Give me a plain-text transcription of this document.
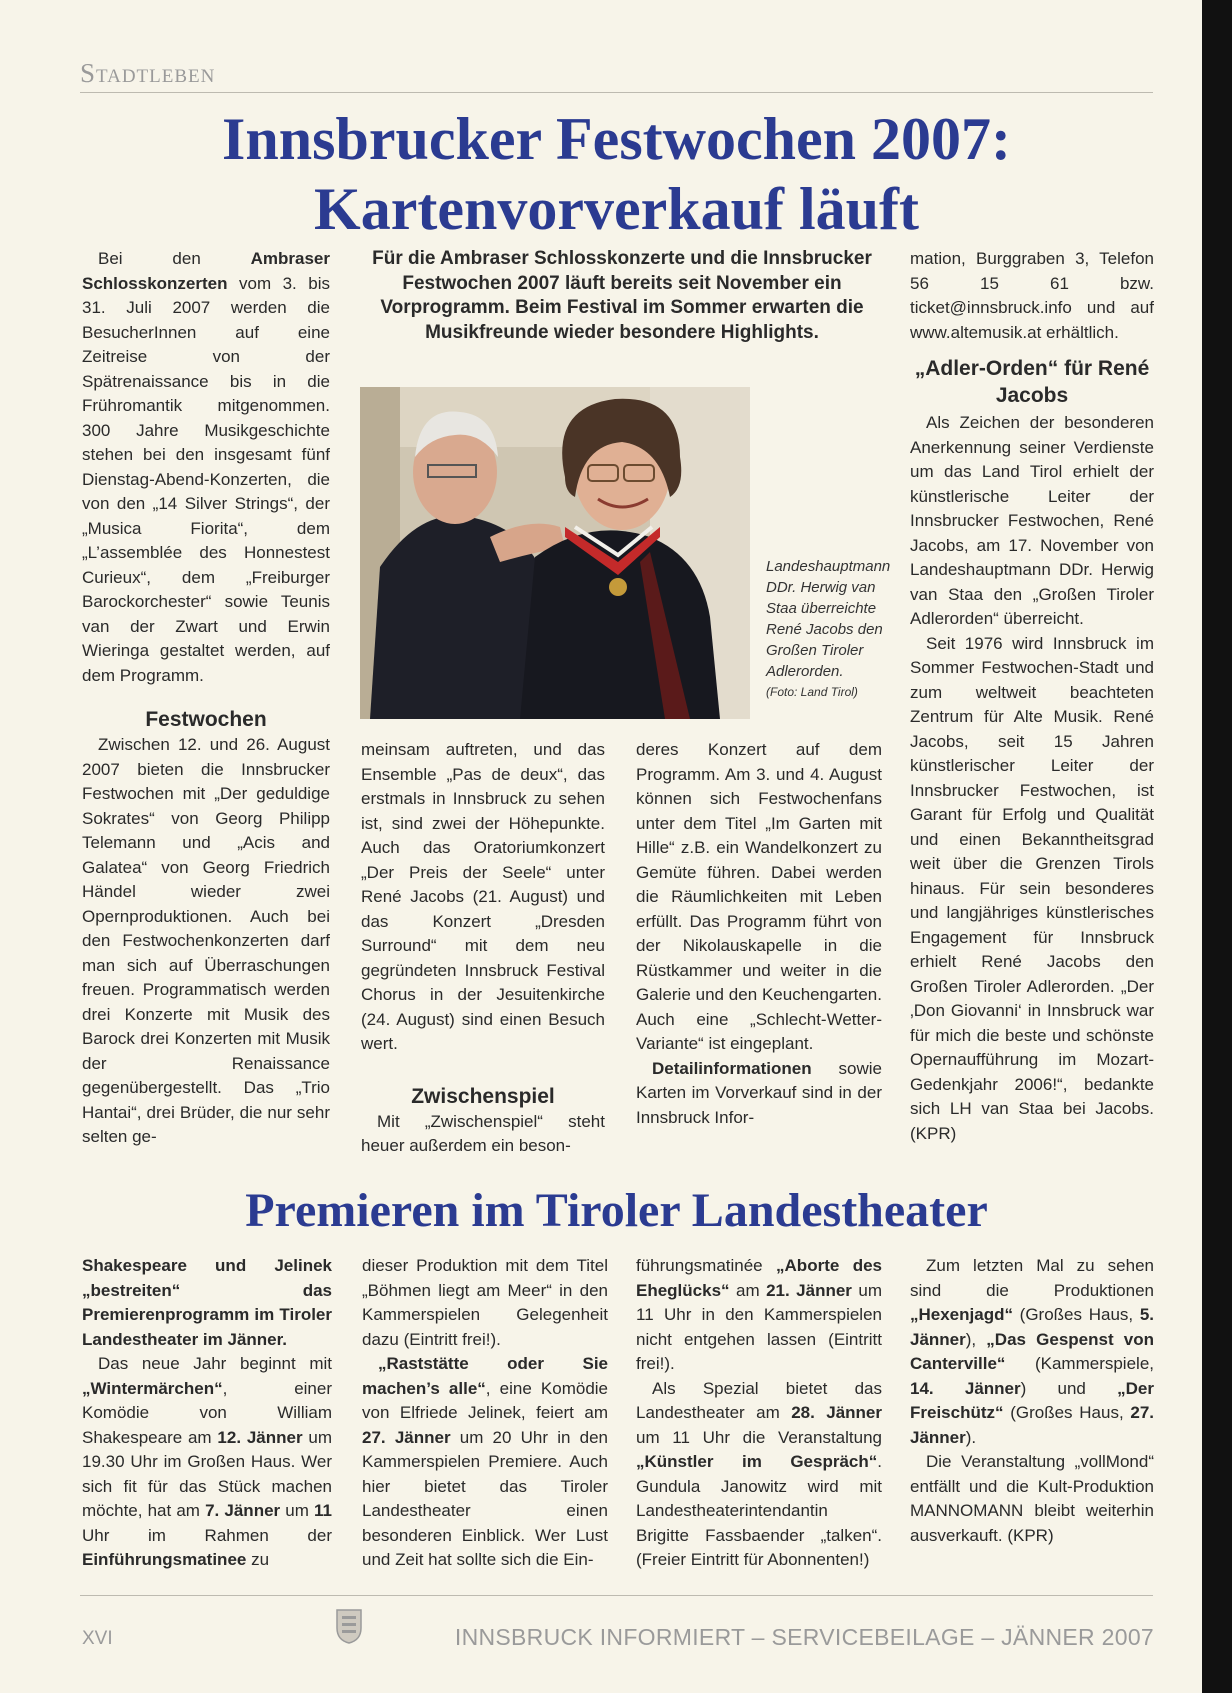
Stadtleben
Innsbrucker Festwochen 2007:
Kartenvorverkauf läuft

Bei den Ambraser Schlosskonzerten vom 3. bis 31. Juli 2007 werden die BesucherInnen auf eine Zeitreise von der Spätrenaissance bis in die Frühromantik mitgenommen. 300 Jahre Musikgeschichte stehen bei den insgesamt fünf Dienstag-Abend-Konzerten, die von den „14 Silver Strings“, der „Musica Fiorita“, dem „L’assemblée des Honnestest Curieux“, dem „Freiburger Barockorchester“ sowie Teunis van der Zwart und Erwin Wieringa gestaltet werden, auf dem Programm.

Festwochen

Zwischen 12. und 26. August 2007 bieten die Innsbrucker Festwochen mit „Der geduldige Sokrates“ von Georg Philipp Telemann und „Acis and Galatea“ von Georg Friedrich Händel wieder zwei Opernproduktionen. Auch bei den Festwochenkonzerten darf man sich auf Überraschungen freuen. Programmatisch werden drei Konzerte mit Musik des Barock drei Konzerten mit Musik der Renaissance gegenübergestellt. Das „Trio Hantai“, drei Brüder, die nur sehr selten ge-

Für die Ambraser Schlosskonzerte und die Innsbrucker Festwochen 2007 läuft bereits seit November ein Vorprogramm. Beim Festival im Sommer erwarten die Musikfreunde wieder besondere Highlights.
Landeshauptmann DDr. Herwig van Staa überreichte René Jacobs den Großen Tiroler Adlerorden.
(Foto: Land Tirol)

meinsam auftreten, und das Ensemble „Pas de deux“, das erstmals in Innsbruck zu sehen ist, sind zwei der Höhepunkte. Auch das Oratoriumkonzert „Der Preis der Seele“ unter René Jacobs (21. August) und das Konzert „Dresden Surround“ mit dem neu gegründeten Innsbruck Festival Chorus in der Jesuitenkirche (24. August) sind einen Besuch wert.

Zwischenspiel

Mit „Zwischenspiel“ steht heuer außerdem ein beson-

deres Konzert auf dem Programm. Am 3. und 4. August können sich Festwochenfans unter dem Titel „Im Garten mit Hille“ z.B. ein Wandelkonzert zu Gemüte führen. Dabei werden die Räumlichkeiten mit Leben erfüllt. Das Programm führt von der Nikolauskapelle in die Rüstkammer und weiter in die Galerie und den Keuchengarten. Auch eine „Schlecht-Wetter-Variante“ ist eingeplant.

Detailinformationen sowie Karten im Vorverkauf sind in der Innsbruck Infor-

mation, Burggraben 3, Telefon 56 15 61 bzw. ticket@innsbruck.info und auf www.altemusik.at erhältlich.

„Adler-Orden“ für René Jacobs

Als Zeichen der besonderen Anerkennung seiner Verdienste um das Land Tirol erhielt der künstlerische Leiter der Innsbrucker Festwochen, René Jacobs, am 17. November von Landeshauptmann DDr. Herwig van Staa den „Großen Tiroler Adlerorden“ überreicht.

Seit 1976 wird Innsbruck im Sommer Festwochen-Stadt und zum weltweit beachteten Zentrum für Alte Musik. René Jacobs, seit 15 Jahren künstlerischer Leiter der Innsbrucker Festwochen, ist Garant für Erfolg und Qualität und einen Bekanntheitsgrad weit über die Grenzen Tirols hinaus. Für sein besonderes und langjähriges künstlerisches Engagement für Innsbruck erhielt René Jacobs den Großen Tiroler Adlerorden. „Der ‚Don Giovanni‘ in Innsbruck war für mich die beste und schönste Opernaufführung im Mozart-Gedenkjahr 2006!“, bedankte sich LH van Staa bei Jacobs. (KPR)

Premieren im Tiroler Landestheater

Shakespeare und Jelinek „bestreiten“ das Premierenprogramm im Tiroler Landestheater im Jänner.

Das neue Jahr beginnt mit „Wintermärchen“, einer Komödie von William Shakespeare am 12. Jänner um 19.30 Uhr im Großen Haus. Wer sich fit für das Stück machen möchte, hat am 7. Jänner um 11 Uhr im Rahmen der Einführungsmatinee zu

dieser Produktion mit dem Titel „Böhmen liegt am Meer“ in den Kammerspielen Gelegenheit dazu (Eintritt frei!).

„Raststätte oder Sie machen’s alle“, eine Komödie von Elfriede Jelinek, feiert am 27. Jänner um 20 Uhr in den Kammerspielen Premiere. Auch hier bietet das Tiroler Landestheater einen besonderen Einblick. Wer Lust und Zeit hat sollte sich die Ein-

führungsmatinée „Aborte des Eheglücks“ am 21. Jänner um 11 Uhr in den Kammerspielen nicht entgehen lassen (Eintritt frei!).

Als Spezial bietet das Landestheater am 28. Jänner um 11 Uhr die Veranstaltung „Künstler im Gespräch“. Gundula Janowitz wird mit Landestheaterintendantin Brigitte Fassbaender „talken“. (Freier Eintritt für Abonnenten!)

Zum letzten Mal zu sehen sind die Produktionen „Hexenjagd“ (Großes Haus, 5. Jänner), „Das Gespenst von Canterville“ (Kammerspiele, 14. Jänner) und „Der Freischütz“ (Großes Haus, 27. Jänner).

Die Veranstaltung „vollMond“ entfällt und die Kult-Produktion MANNOMANN bleibt weiterhin ausverkauft. (KPR)

XVI	INNSBRUCK INFORMIERT – SERVICEBEILAGE – JÄNNER 2007
